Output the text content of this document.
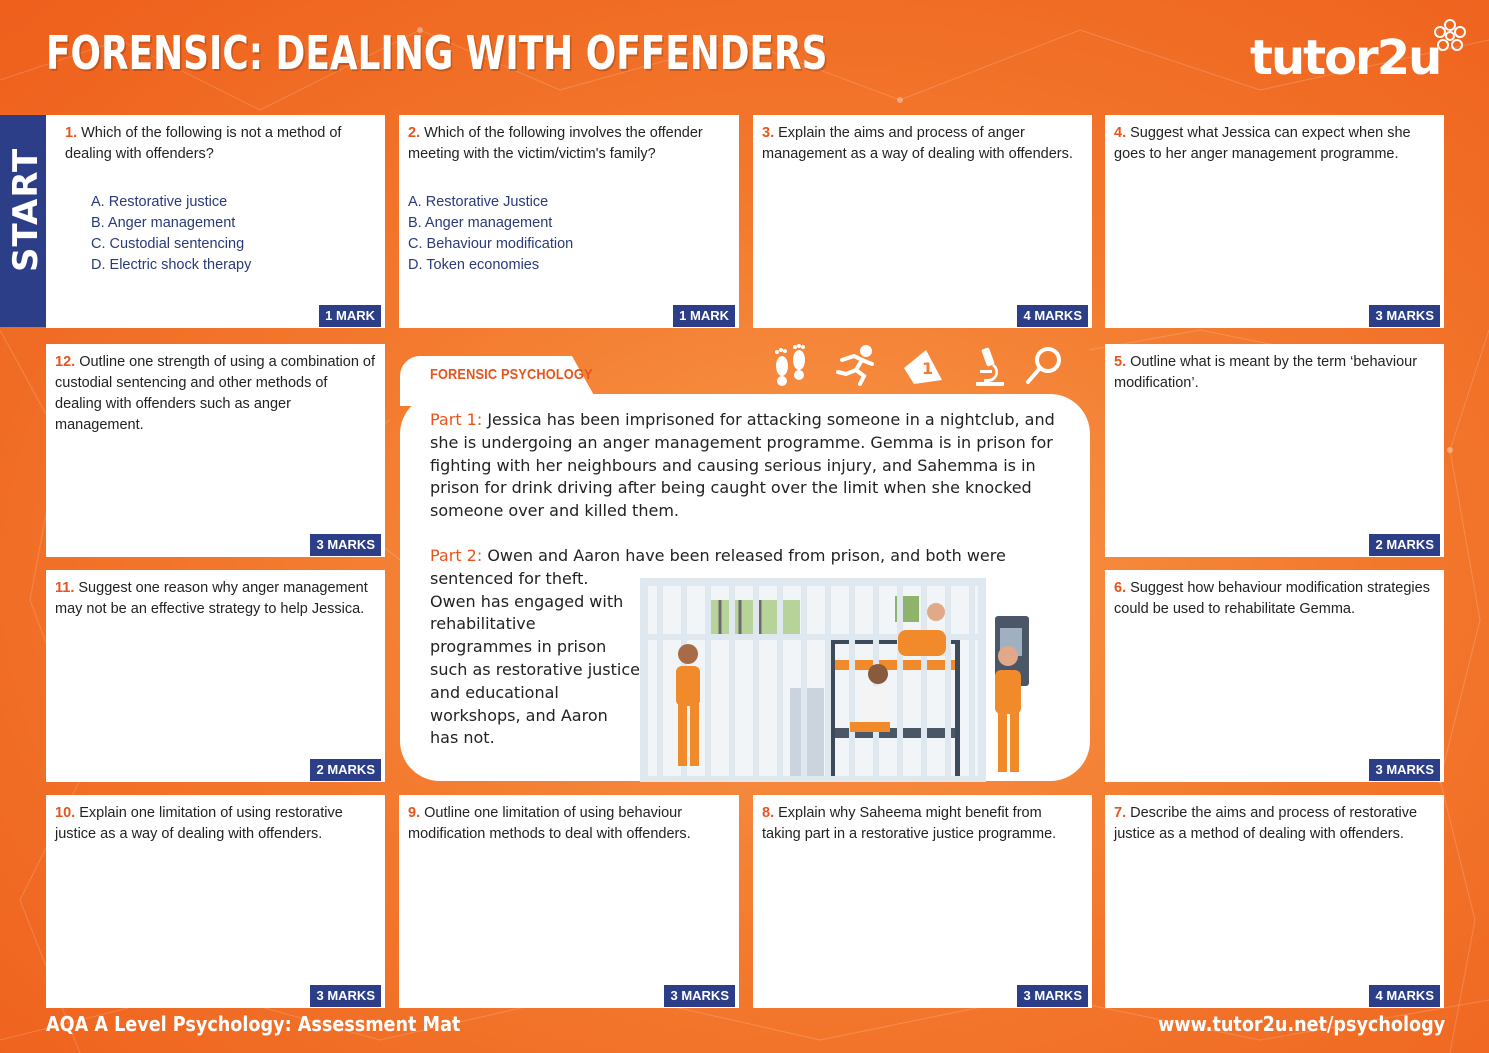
FORENSIC: DEALING WITH OFFENDERS	tutor2u
START
1. Which of the following is not a method of dealing with offenders?
A. Restorative justice
B. Anger management
C. Custodial sentencing
D. Electric shock therapy
1 MARK
2. Which of the following involves the offender meeting with the victim/victim's family?
A. Restorative Justice
B. Anger management
C. Behaviour modification
D. Token economies
1 MARK
3. Explain the aims and process of anger management as a way of dealing with offenders.
4 MARKS
4. Suggest what Jessica can expect when she goes to her anger management programme.
3 MARKS
12. Outline one strength of using a combination of custodial sentencing and other methods of dealing with offenders such as anger management.
3 MARKS
5. Outline what is meant by the term ‘behaviour modification’.
2 MARKS
11. Suggest one reason why anger management may not be an effective strategy to help Jessica.
2 MARKS
6. Suggest how behaviour modification strategies could be used to rehabilitate Gemma.
3 MARKS
10. Explain one limitation of using restorative justice as a way of dealing with offenders.
3 MARKS
9. Outline one limitation of using behaviour modification methods to deal with offenders.
3 MARKS
8. Explain why Saheema might benefit from taking part in a restorative justice programme.
3 MARKS
7. Describe the aims and process of restorative justice as a method of dealing with offenders.
4 MARKS
FORENSIC PSYCHOLOGY	1

Part 1: Jessica has been imprisoned for attacking someone in a nightclub, and she is undergoing an anger management programme. Gemma is in prison for fighting with her neighbours and causing serious injury, and Sahemma is in prison for drink driving after being caught over the limit when she knocked someone over and killed them.

Part 2: Owen and Aaron have been released from prison, and both were

sentenced for theft.

Owen has engaged with rehabilitative programmes in prison such as restorative justice and educational workshops, and Aaron has not.

AQA A Level Psychology: Assessment Mat	www.tutor2u.net/psychology
